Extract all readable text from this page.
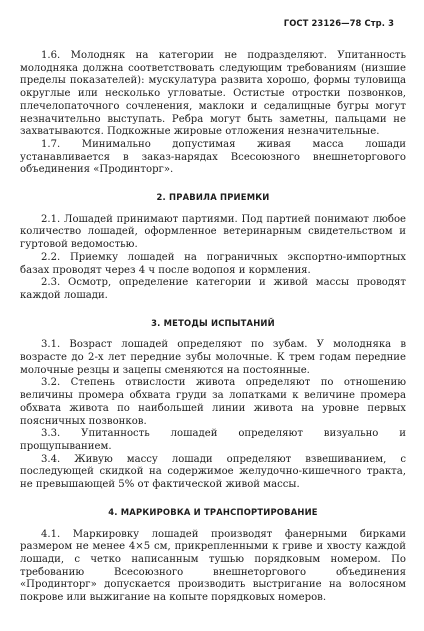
ГОСТ 23126—78 Стр. 3

1.6. Молодняк на категории не подразделяют. Упитанность молодняка должна соответствовать следующим требованиям (низшие пределы показателей): мускулатура развита хорошо, формы туловища округлые или несколько угловатые. Остистые отростки позвонков, плечелопаточного сочленения, маклоки и седалищные бугры могут незначительно выступать. Ребра могут быть заметны, пальцами не захватываются. Подкожные жировые отложения незначительные.

1.7. Минимально допустимая живая масса лошади устанавливается в заказ-нарядах Всесоюзного внешнеторгового объединения «Продинторг».

2. ПРАВИЛА ПРИЕМКИ

2.1. Лошадей принимают партиями. Под партией понимают любое количество лошадей, оформленное ветеринарным свидетельством и гуртовой ведомостью.

2.2. Приемку лошадей на пограничных экспортно-импортных базах проводят через 4 ч после водопоя и кормления.

2.3. Осмотр, определение категории и живой массы проводят каждой лошади.

3. МЕТОДЫ ИСПЫТАНИЙ

3.1. Возраст лошадей определяют по зубам. У молодняка в возрасте до 2-х лет передние зубы молочные. К трем годам передние молочные резцы и зацепы сменяются на постоянные.

3.2. Степень отвислости живота определяют по отношению величины промера обхвата груди за лопатками к величине промера обхвата живота по наибольшей линии живота на уровне первых поясничных позвонков.

3.3. Упитанность лошадей определяют визуально и прощупыванием.

3.4. Живую массу лошади определяют взвешиванием, с последующей скидкой на содержимое желудочно-кишечного тракта, не превышающей 5% от фактической живой массы.

4. МАРКИРОВКА И ТРАНСПОРТИРОВАНИЕ

4.1. Маркировку лошадей производят фанерными бирками размером не менее 4×5 см, прикрепленными к гриве и хвосту каждой лошади, с четко написанным тушью порядковым номером. По требованию Всесоюзного внешнеторгового объединения «Продинторг» допускается производить выстригание на волосяном покрове или выжигание на копыте порядковых номеров.
